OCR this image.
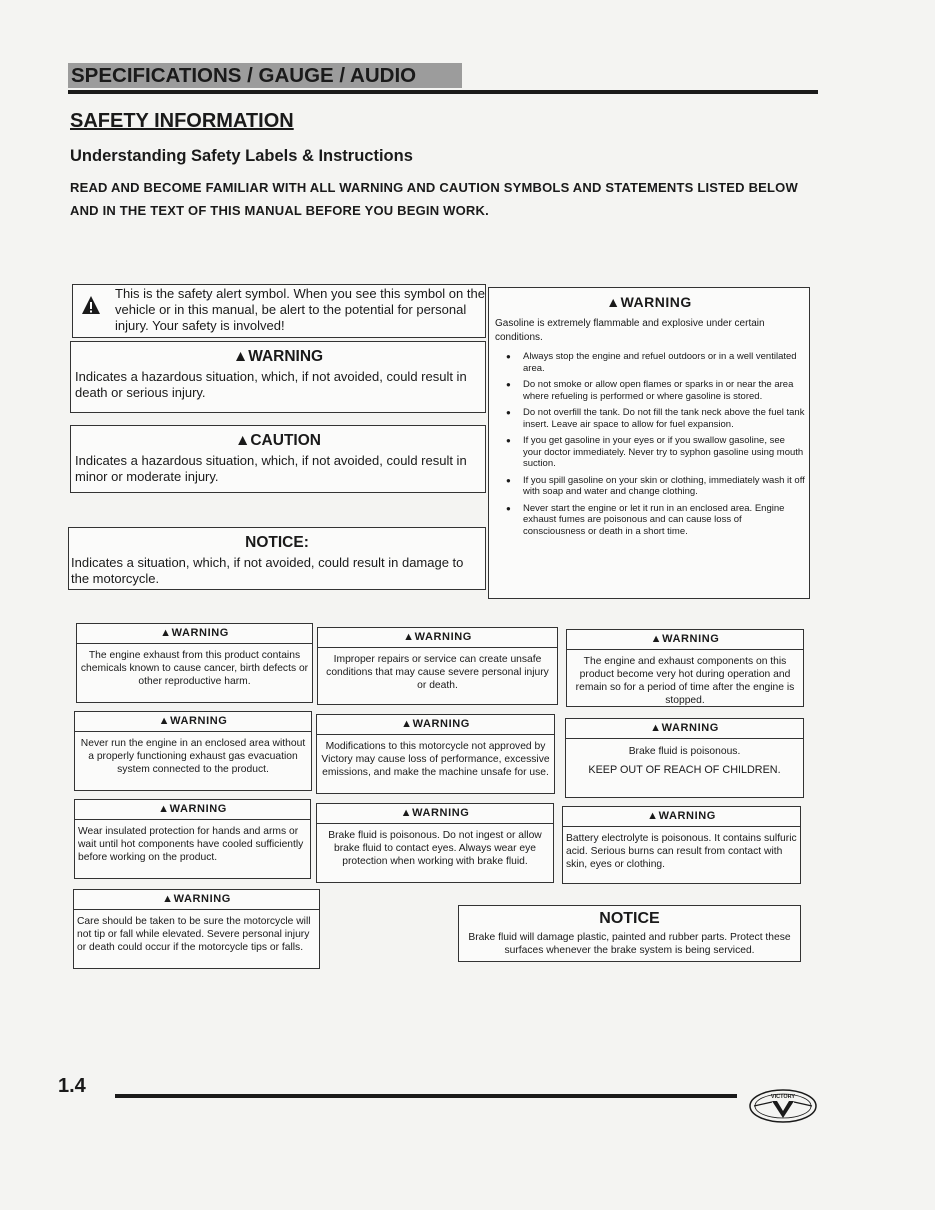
SPECIFICATIONS / GAUGE / AUDIO
SAFETY INFORMATION
Understanding Safety Labels & Instructions
READ AND BECOME FAMILIAR WITH ALL WARNING AND CAUTION SYMBOLS AND STATEMENTS LISTED BELOW AND IN THE TEXT OF THIS MANUAL BEFORE YOU BEGIN WORK.
This is the safety alert symbol. When you see this symbol on the vehicle or in this manual, be alert to the potential for personal injury. Your safety is involved!
▲WARNING
Indicates a hazardous situation, which, if not avoided, could result in death or serious injury.
▲CAUTION
Indicates a hazardous situation, which, if not avoided, could result in minor or moderate injury.
NOTICE:
Indicates a situation, which, if not avoided, could result in damage to the motorcycle.
▲WARNING
Gasoline is extremely flammable and explosive under certain conditions.
● Always stop the engine and refuel outdoors or in a well ventilated area.
● Do not smoke or allow open flames or sparks in or near the area where refueling is performed or where gasoline is stored.
● Do not overfill the tank. Do not fill the tank neck above the fuel tank insert. Leave air space to allow for fuel expansion.
● If you get gasoline in your eyes or if you swallow gasoline, see your doctor immediately. Never try to syphon gasoline using mouth suction.
● If you spill gasoline on your skin or clothing, immediately wash it off with soap and water and change clothing.
● Never start the engine or let it run in an enclosed area. Engine exhaust fumes are poisonous and can cause loss of consciousness or death in a short time.
▲WARNING
The engine exhaust from this product contains chemicals known to cause cancer, birth defects or other reproductive harm.
▲WARNING
Improper repairs or service can create unsafe conditions that may cause severe personal injury or death.
▲WARNING
The engine and exhaust components on this product become very hot during operation and remain so for a period of time after the engine is stopped.
▲WARNING
Never run the engine in an enclosed area without a properly functioning exhaust gas evacuation system connected to the product.
▲WARNING
Modifications to this motorcycle not approved by Victory may cause loss of performance, excessive emissions, and make the machine unsafe for use.
▲WARNING
Brake fluid is poisonous.
KEEP OUT OF REACH OF CHILDREN.
▲WARNING
Wear insulated protection for hands and arms or wait until hot components have cooled sufficiently before working on the product.
▲WARNING
Brake fluid is poisonous. Do not ingest or allow brake fluid to contact eyes. Always wear eye protection when working with brake fluid.
▲WARNING
Battery electrolyte is poisonous. It contains sulfuric acid. Serious burns can result from contact with skin, eyes or clothing.
▲WARNING
Care should be taken to be sure the motorcycle will not tip or fall while elevated. Severe personal injury or death could occur if the motorcycle tips or falls.
NOTICE
Brake fluid will damage plastic, painted and rubber parts. Protect these surfaces whenever the brake system is being serviced.
1.4	VICTORY
